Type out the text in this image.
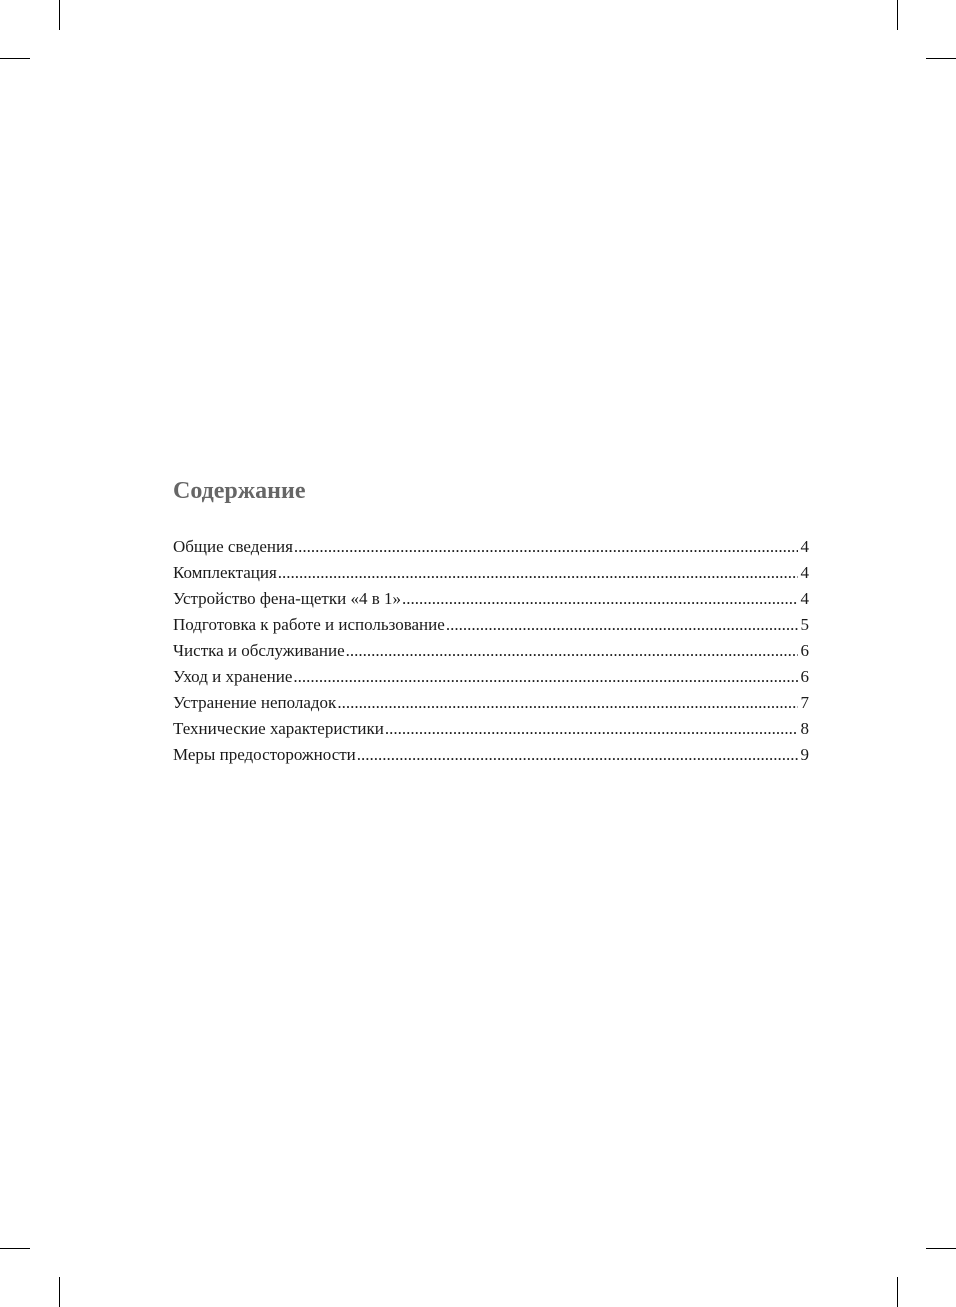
Содержание
Общие сведения .....	4
Комплектация .....	4
Устройство фена-щетки «4 в 1» .....	4
Подготовка к работе и использование .....	5
Чистка и обслуживание .....	6
Уход и хранение .....	6
Устранение неполадок .....	7
Технические характеристики .....	8
Меры предосторожности .....	9
